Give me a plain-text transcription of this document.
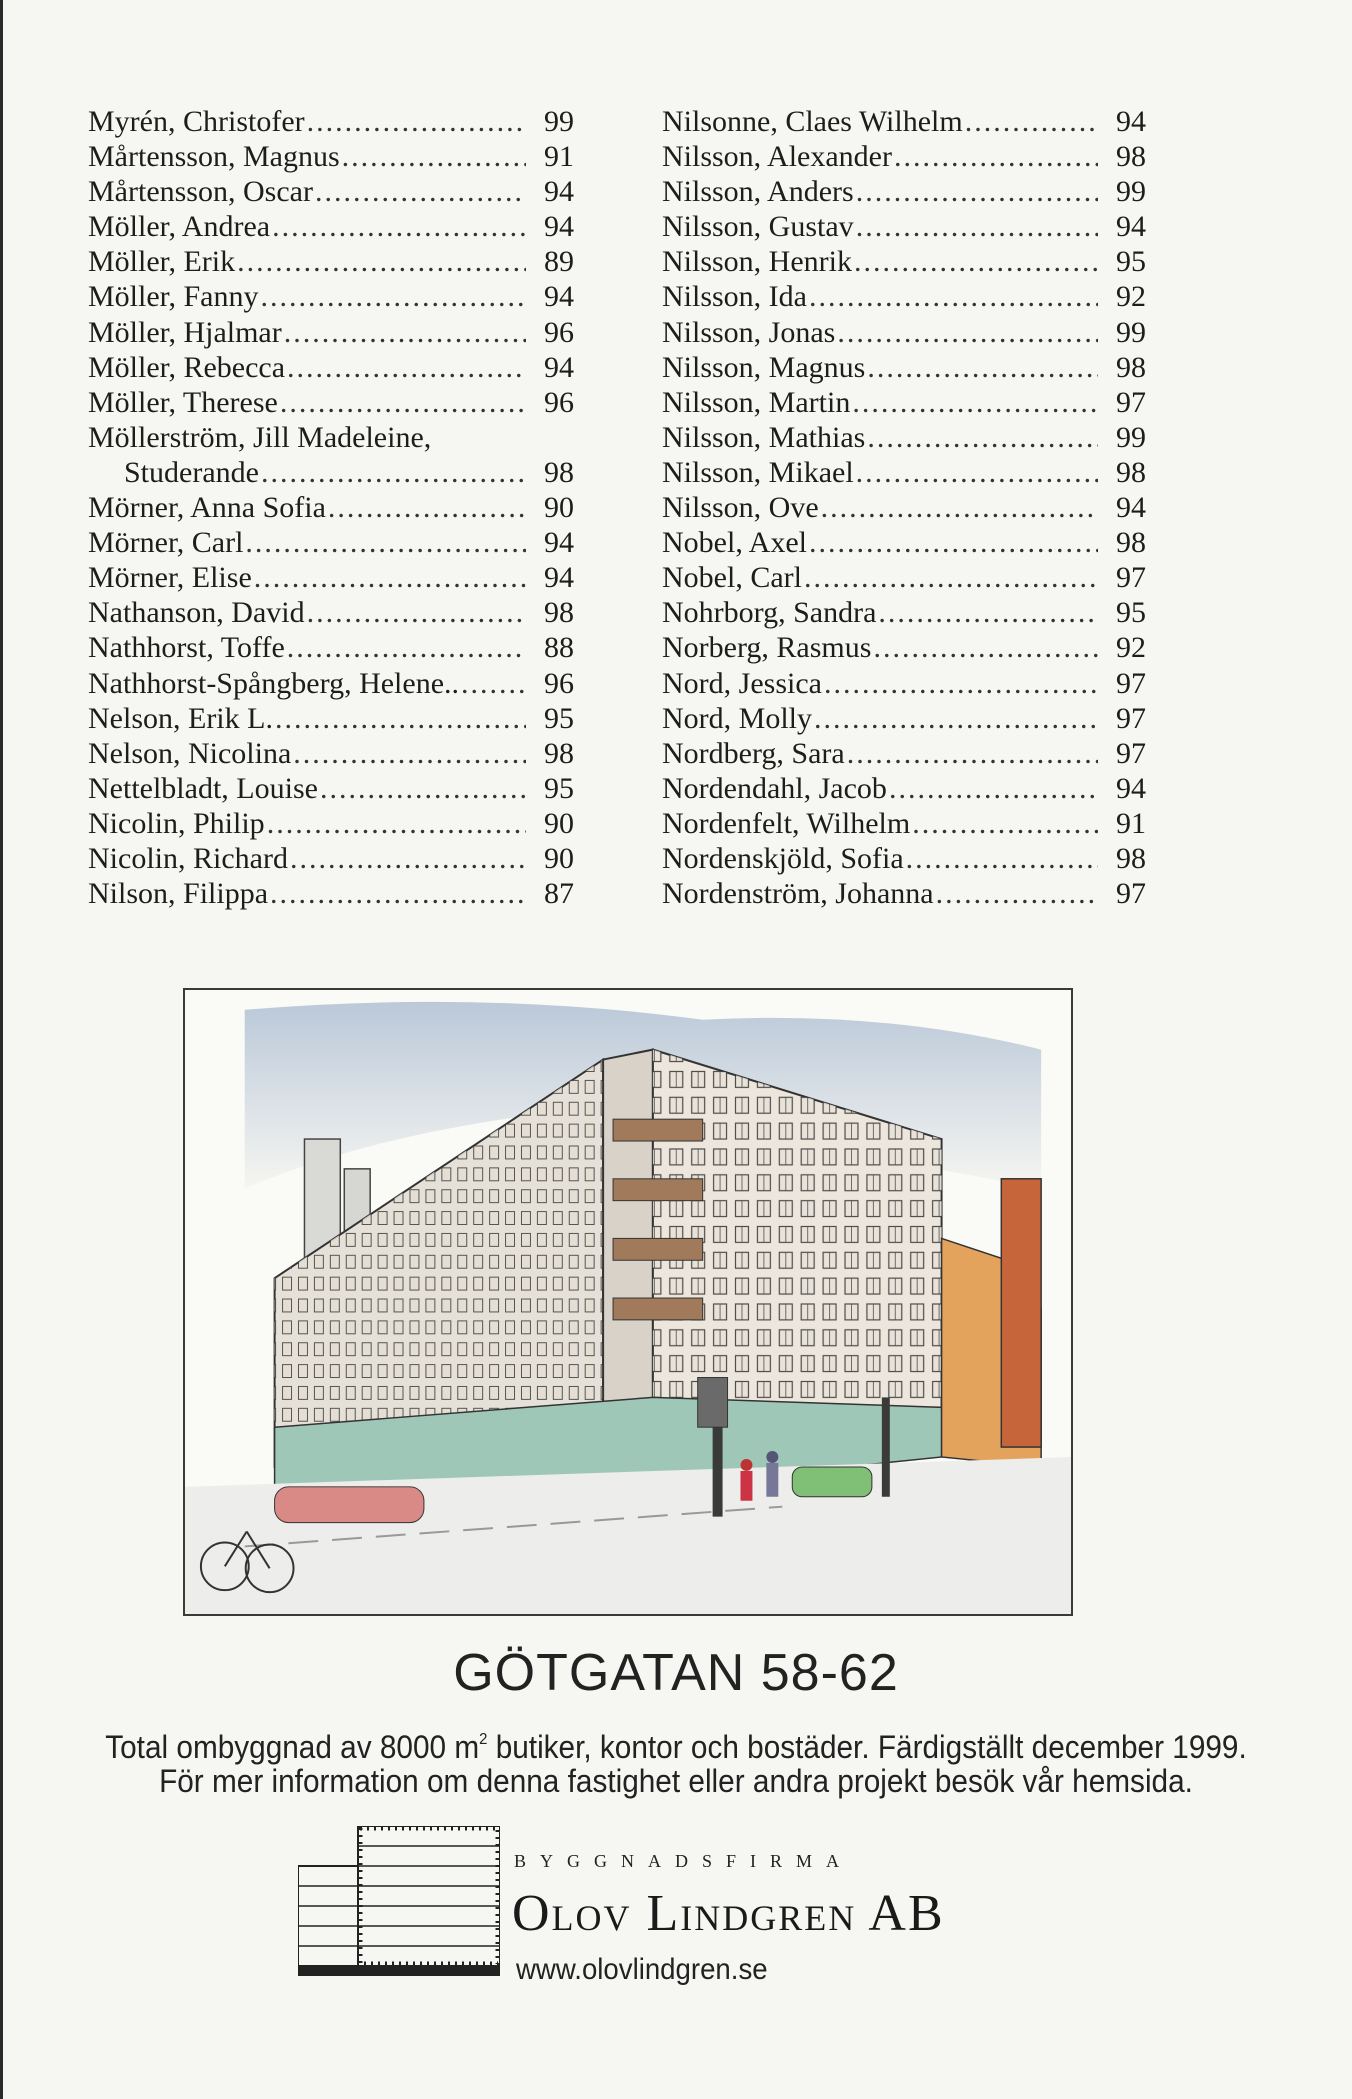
Myrén, Christofer .....	99
Mårtensson, Magnus .....	91
Mårtensson, Oscar .....	94
Möller, Andrea .....	94
Möller, Erik .....	89
Möller, Fanny .....	94
Möller, Hjalmar .....	96
Möller, Rebecca .....	94
Möller, Therese .....	96
Möllerström, Jill Madeleine,
Studerande .....	98
Mörner, Anna Sofia .....	90
Mörner, Carl .....	94
Mörner, Elise .....	94
Nathanson, David .....	98
Nathhorst, Toffe .....	88
Nathhorst-Spångberg, Helene.. .....	96
Nelson, Erik L. .....	95
Nelson, Nicolina .....	98
Nettelbladt, Louise .....	95
Nicolin, Philip .....	90
Nicolin, Richard .....	90
Nilson, Filippa .....	87
Nilsonne, Claes Wilhelm .....	94
Nilsson, Alexander .....	98
Nilsson, Anders .....	99
Nilsson, Gustav .....	94
Nilsson, Henrik .....	95
Nilsson, Ida .....	92
Nilsson, Jonas .....	99
Nilsson, Magnus .....	98
Nilsson, Martin .....	97
Nilsson, Mathias .....	99
Nilsson, Mikael .....	98
Nilsson, Ove .....	94
Nobel, Axel .....	98
Nobel, Carl .....	97
Nohrborg, Sandra .....	95
Norberg, Rasmus .....	92
Nord, Jessica .....	97
Nord, Molly .....	97
Nordberg, Sara .....	97
Nordendahl, Jacob .....	94
Nordenfelt, Wilhelm .....	91
Nordenskjöld, Sofia .....	98
Nordenström, Johanna .....	97
GÖTGATAN 58-62
Total ombyggnad av 8000 $m^2$ butiker, kontor och bostäder. Färdigställt december 1999.
För mer information om denna fastighet eller andra projekt besök vår hemsida.
BYGGNADSFIRMA
Olov Lindgren AB
www.olovlindgren.se
